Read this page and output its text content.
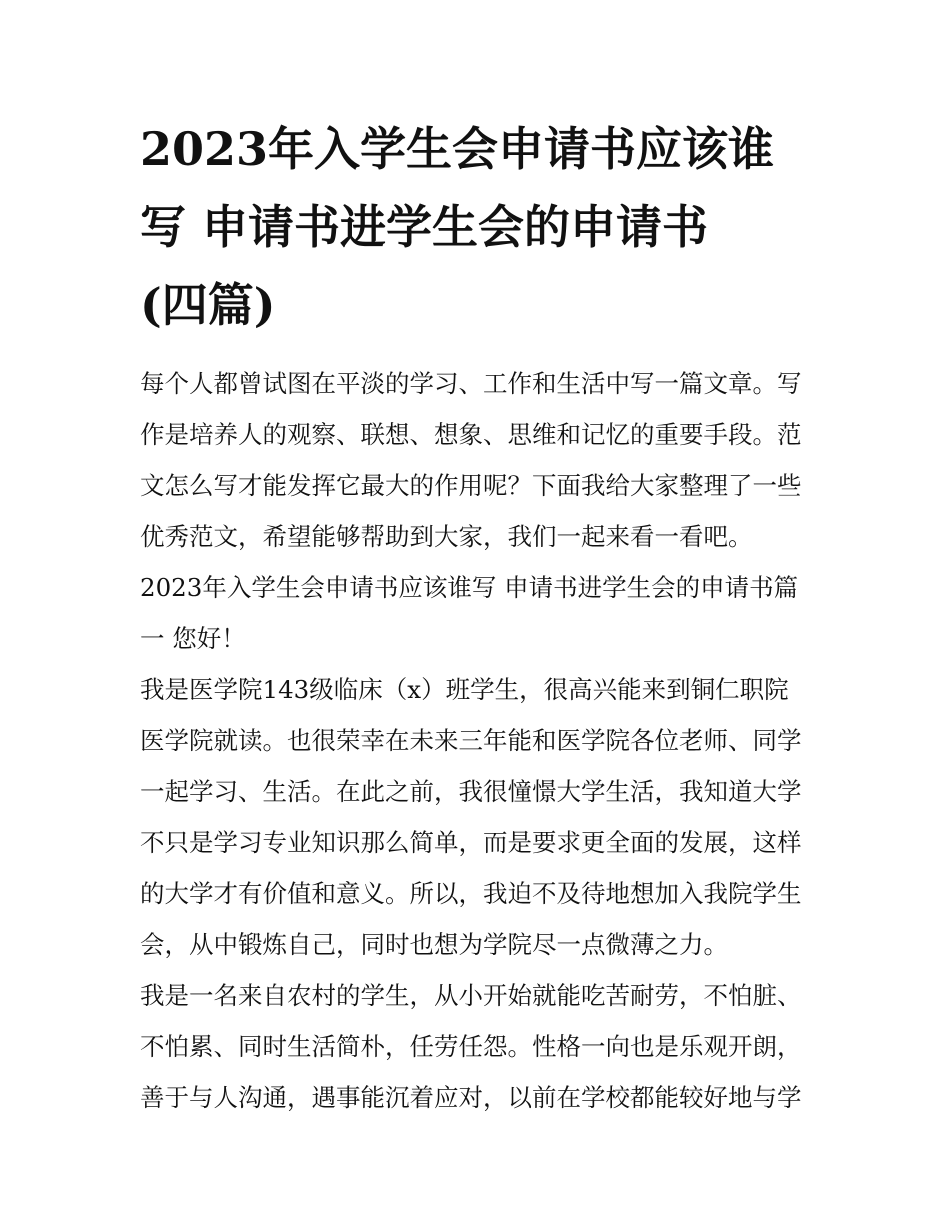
2023年入学生会申请书应该谁
写 申请书进学生会的申请书
(四篇)

每个人都曾试图在平淡的学习、工作和生活中写一篇文章。写
作是培养人的观察、联想、想象、思维和记忆的重要手段。范
文怎么写才能发挥它最大的作用呢？下面我给大家整理了一些
优秀范文，希望能够帮助到大家，我们一起来看一看吧。

2023年入学生会申请书应该谁写 申请书进学生会的申请书篇
一 您好！

我是医学院143级临床（x）班学生，很高兴能来到铜仁职院
医学院就读。也很荣幸在未来三年能和医学院各位老师、同学
一起学习、生活。在此之前，我很憧憬大学生活，我知道大学
不只是学习专业知识那么简单，而是要求更全面的发展，这样
的大学才有价值和意义。所以，我迫不及待地想加入我院学生
会，从中锻炼自己，同时也想为学院尽一点微薄之力。

我是一名来自农村的学生，从小开始就能吃苦耐劳，不怕脏、
不怕累、同时生活简朴，任劳任怨。性格一向也是乐观开朗，
善于与人沟通，遇事能沉着应对，以前在学校都能较好地与学
